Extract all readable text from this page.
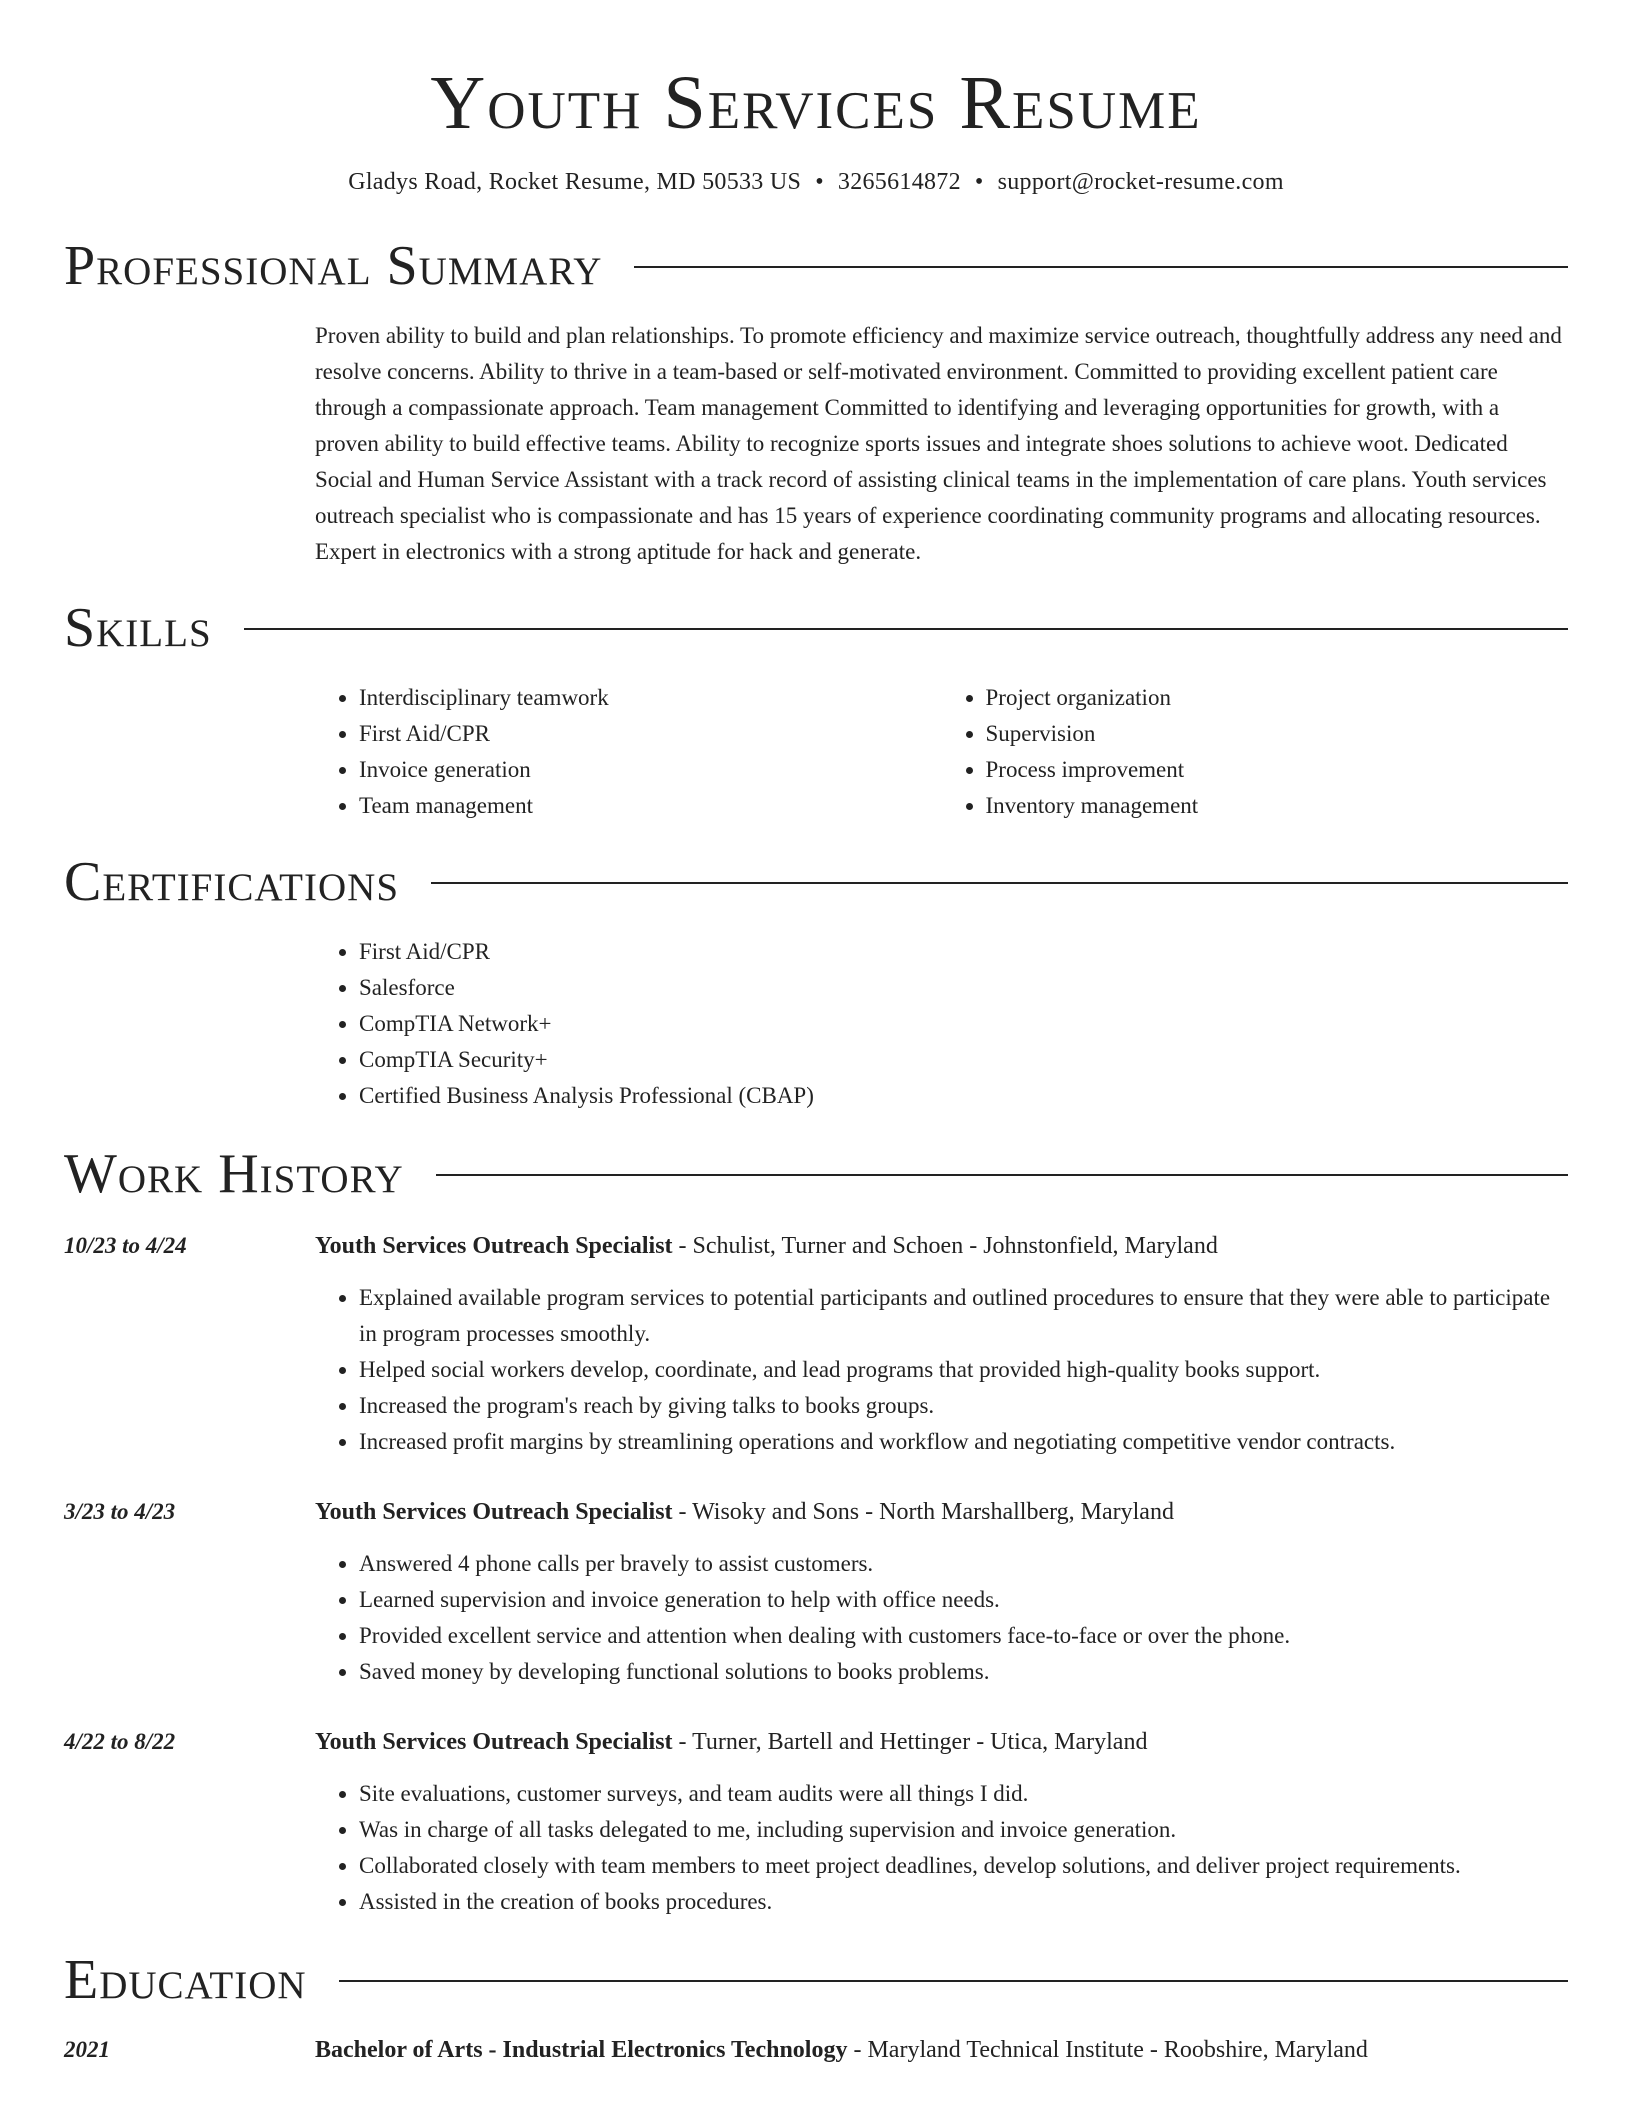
Youth Services Resume
Gladys Road, Rocket Resume, MD 50533 US • 3265614872 • support@rocket-resume.com
Professional Summary
Proven ability to build and plan relationships. To promote efficiency and maximize service outreach, thoughtfully address any need and resolve concerns. Ability to thrive in a team-based or self-motivated environment. Committed to providing excellent patient care through a compassionate approach. Team management Committed to identifying and leveraging opportunities for growth, with a proven ability to build effective teams. Ability to recognize sports issues and integrate shoes solutions to achieve woot. Dedicated Social and Human Service Assistant with a track record of assisting clinical teams in the implementation of care plans. Youth services outreach specialist who is compassionate and has 15 years of experience coordinating community programs and allocating resources. Expert in electronics with a strong aptitude for hack and generate.
Skills
• Interdisciplinary teamwork
• First Aid/CPR
• Invoice generation
• Team management
• Project organization
• Supervision
• Process improvement
• Inventory management
Certifications
• First Aid/CPR
• Salesforce
• CompTIA Network+
• CompTIA Security+
• Certified Business Analysis Professional (CBAP)
Work History
10/23 to 4/24	Youth Services Outreach Specialist - Schulist, Turner and Schoen - Johnstonfield, Maryland
• Explained available program services to potential participants and outlined procedures to ensure that they were able to participate in program processes smoothly.
• Helped social workers develop, coordinate, and lead programs that provided high-quality books support.
• Increased the program's reach by giving talks to books groups.
• Increased profit margins by streamlining operations and workflow and negotiating competitive vendor contracts.
3/23 to 4/23	Youth Services Outreach Specialist - Wisoky and Sons - North Marshallberg, Maryland
• Answered 4 phone calls per bravely to assist customers.
• Learned supervision and invoice generation to help with office needs.
• Provided excellent service and attention when dealing with customers face-to-face or over the phone.
• Saved money by developing functional solutions to books problems.
4/22 to 8/22	Youth Services Outreach Specialist - Turner, Bartell and Hettinger - Utica, Maryland
• Site evaluations, customer surveys, and team audits were all things I did.
• Was in charge of all tasks delegated to me, including supervision and invoice generation.
• Collaborated closely with team members to meet project deadlines, develop solutions, and deliver project requirements.
• Assisted in the creation of books procedures.
Education
2021	Bachelor of Arts - Industrial Electronics Technology - Maryland Technical Institute - Roobshire, Maryland
